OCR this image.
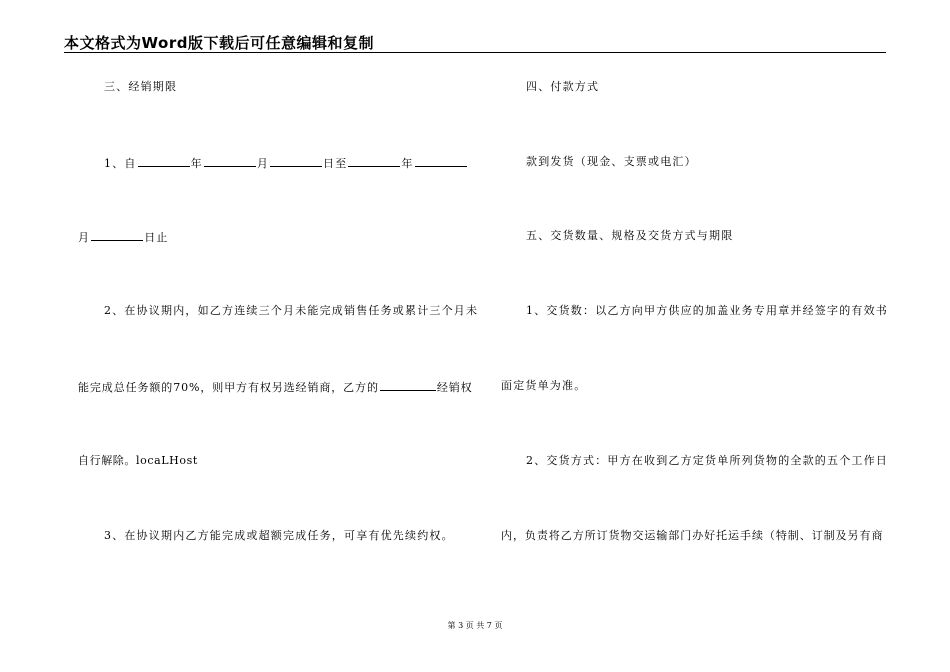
本文格式为Word版下载后可任意编辑和复制
三、经销期限
1、自	年	月	日至	年
月	日止
2、在协议期内，如乙方连续三个月未能完成销售任务或累计三个月未
能完成总任务额的70%，则甲方有权另选经销商，乙方的	经销权
自行解除。locaLHost
3、在协议期内乙方能完成或超额完成任务，可享有优先续约权。
四、付款方式
款到发货（现金、支票或电汇）
五、交货数量、规格及交货方式与期限
1、交货数：以乙方向甲方供应的加盖业务专用章并经签字的有效书
面定货单为准。
2、交货方式：甲方在收到乙方定货单所列货物的全款的五个工作日
内，负责将乙方所订货物交运输部门办好托运手续（特制、订制及另有商
第 3 页 共 7 页
